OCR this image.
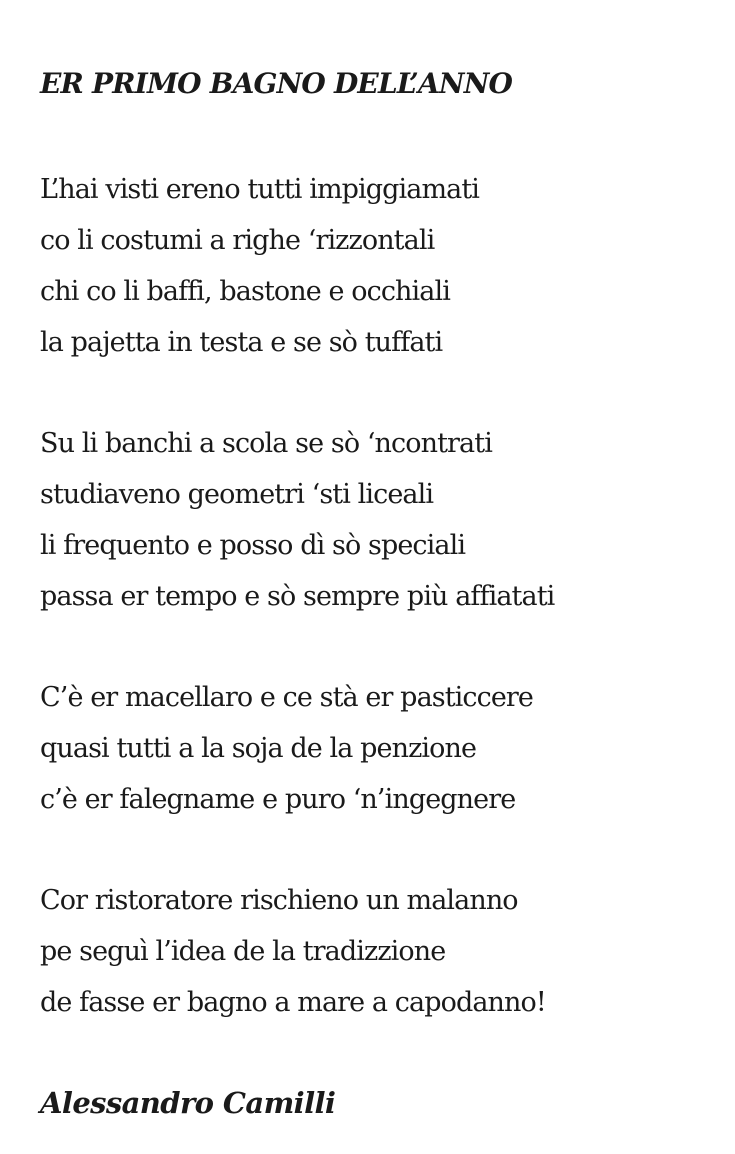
ER PRIMO BAGNO DELL’ANNO
L’hai visti ereno tutti impiggiamati
co li costumi a righe ‘rizzontali
chi co li baffi, bastone e occhiali
la pajetta in testa e se sò tuffati
Su li banchi a scola se sò ‘ncontrati
studiaveno geometri ‘sti liceali
li frequento e posso dì sò speciali
passa er tempo e sò sempre più affiatati
C’è er macellaro e ce stà er pasticcere
quasi tutti a la soja de la penzione
c’è er falegname e puro ‘n’ingegnere
Cor ristoratore rischieno un malanno
pe seguì l’idea de la tradizzione
de fasse er bagno a mare a capodanno!
Alessandro Camilli
